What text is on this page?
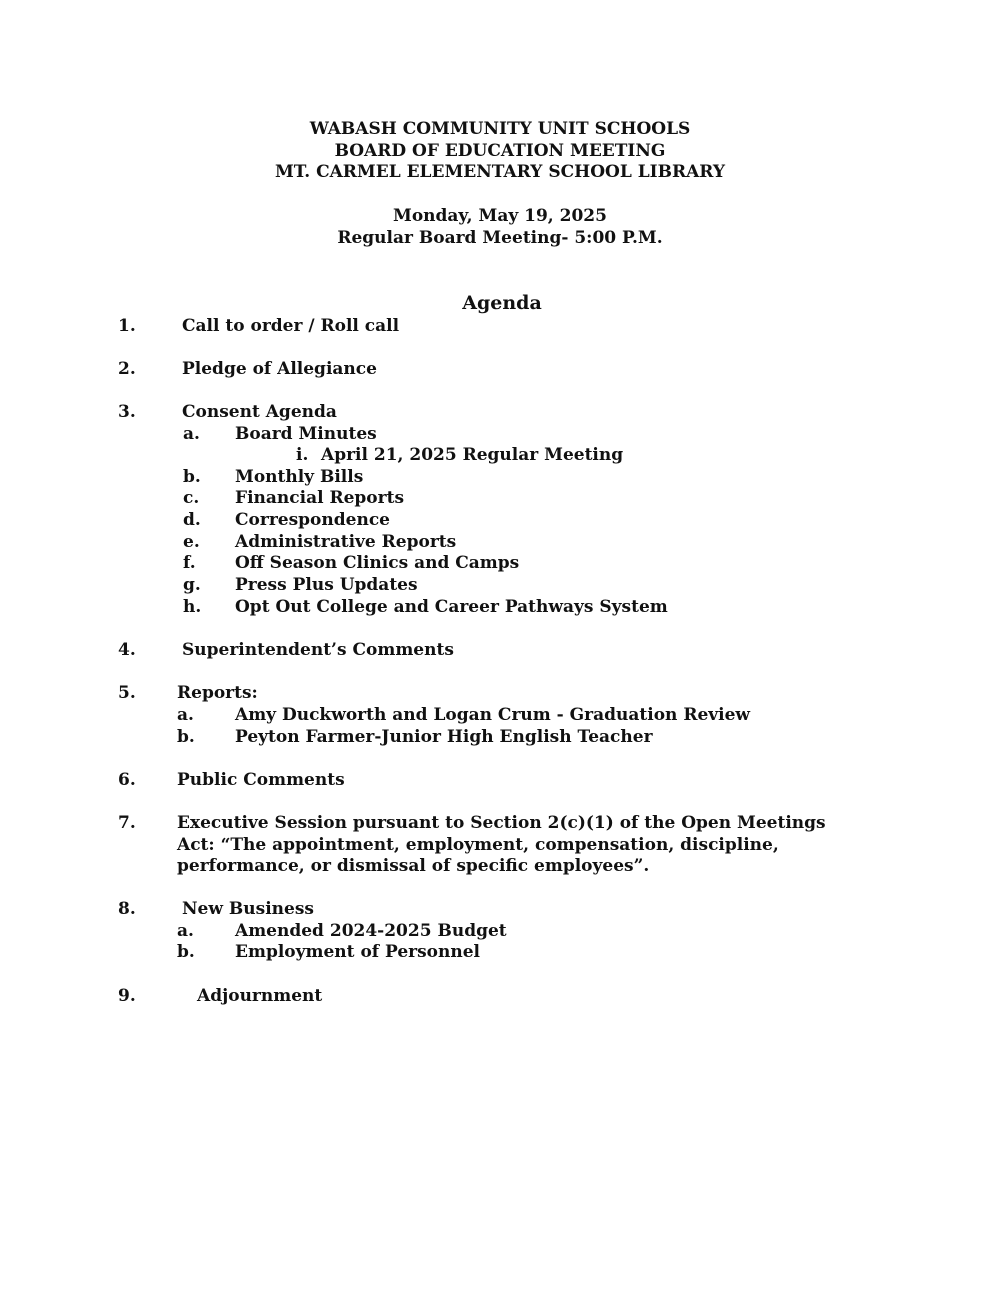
WABASH COMMUNITY UNIT SCHOOLS
BOARD OF EDUCATION MEETING
MT. CARMEL ELEMENTARY SCHOOL LIBRARY
Monday, May 19, 2025
Regular Board Meeting- 5:00 P.M.
Agenda
1.	Call to order / Roll call
2.	Pledge of Allegiance
3.	Consent Agenda
a. Board Minutes
i. April 21, 2025 Regular Meeting
b. Monthly Bills
c. Financial Reports
d. Correspondence
e. Administrative Reports
f. Off Season Clinics and Camps
g. Press Plus Updates
h. Opt Out College and Career Pathways System
4.	Superintendent’s Comments
5. Reports:
a. Amy Duckworth and Logan Crum - Graduation Review
b. Peyton Farmer-Junior High English Teacher
6. Public Comments
7. Executive Session pursuant to Section 2(c)(1) of the Open Meetings
Act: “The appointment, employment, compensation, discipline,
performance, or dismissal of specific employees”.
8.	New Business
a. Amended 2024-2025 Budget
b. Employment of Personnel
9.	Adjournment
